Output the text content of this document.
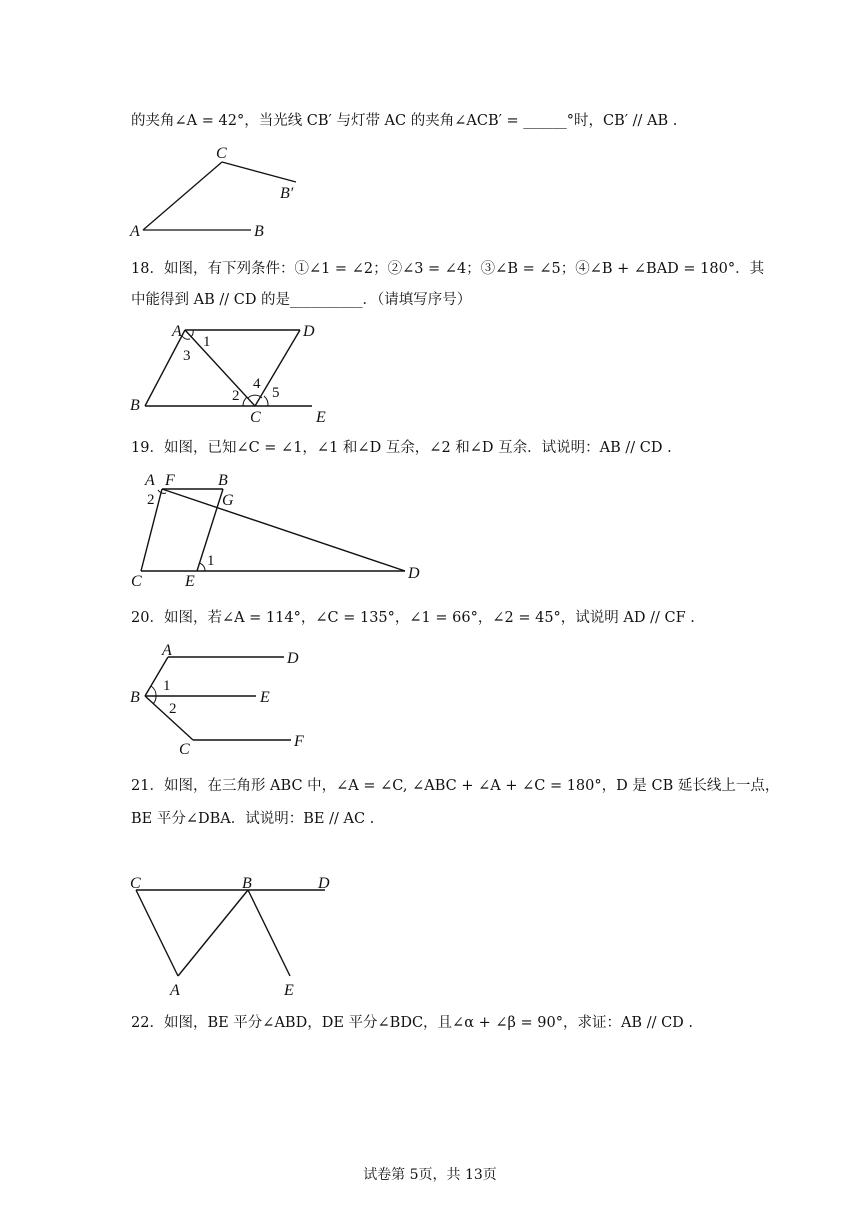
的夹角∠A = 42°，当光线 CB′ 与灯带 AC 的夹角∠ACB′ = ______°时，CB′ // AB .
C
B′
A	B
18．如图，有下列条件：①∠1 = ∠2；②∠3 = ∠4；③∠B = ∠5；④∠B + ∠BAD = 180°．其
中能得到 AB // CD 的是__________．（请填写序号）
A	D
B
C	E
1
3
2
4
5
19．如图，已知∠C = ∠1，∠1 和∠D 互余，∠2 和∠D 互余．试说明：AB // CD .
A F	B
G
2
1
C	E	D
20．如图，若∠A = 114°，∠C = 135°，∠1 = 66°，∠2 = 45°，试说明 AD // CF .
A	D
B	E
1
2
C	F
21．如图，在三角形 ABC 中，∠A = ∠C, ∠ABC + ∠A + ∠C = 180°，D 是 CB 延长线上一点，
BE 平分∠DBA．试说明：BE // AC .
C	B	D
A	E
22．如图，BE 平分∠ABD，DE 平分∠BDC，且∠α + ∠β = 90°，求证：AB // CD .
试卷第 5页，共 13页
